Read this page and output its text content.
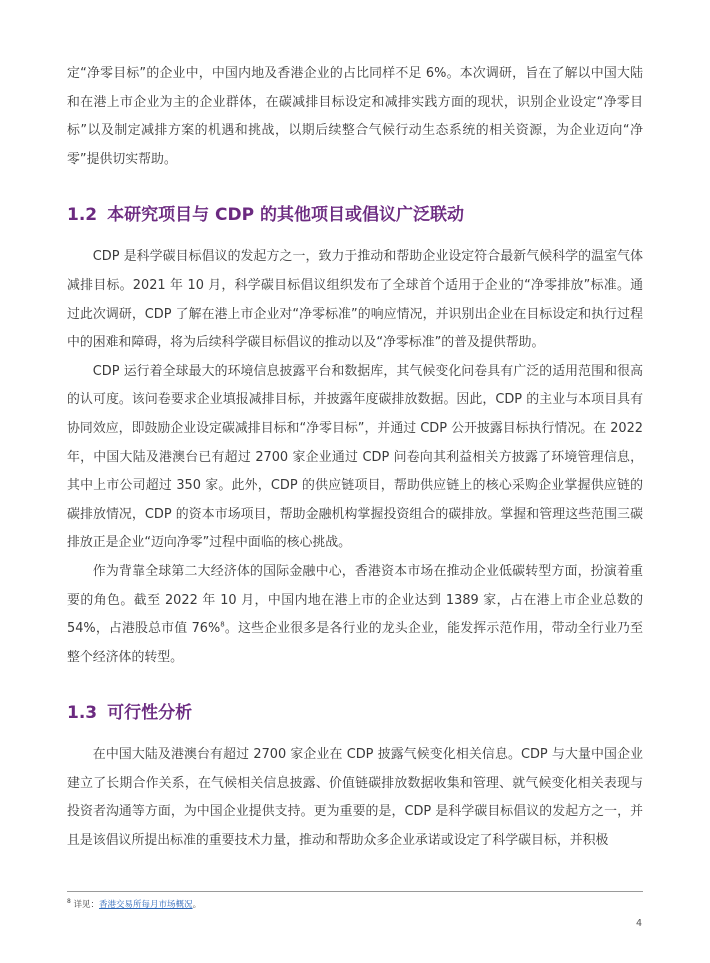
定“净零目标”的企业中，中国内地及香港企业的占比同样不足 6%。本次调研，旨在了解以中国大陆和在港上市企业为主的企业群体，在碳减排目标设定和减排实践方面的现状，识别企业设定“净零目标”以及制定减排方案的机遇和挑战，以期后续整合气候行动生态系统的相关资源，为企业迈向“净零”提供切实帮助。

1.2 本研究项目与 CDP 的其他项目或倡议广泛联动

CDP 是科学碳目标倡议的发起方之一，致力于推动和帮助企业设定符合最新气候科学的温室气体减排目标。2021 年 10 月，科学碳目标倡议组织发布了全球首个适用于企业的“净零排放”标准。通过此次调研，CDP 了解在港上市企业对“净零标准”的响应情况，并识别出企业在目标设定和执行过程中的困难和障碍，将为后续科学碳目标倡议的推动以及“净零标准”的普及提供帮助。

CDP 运行着全球最大的环境信息披露平台和数据库，其气候变化问卷具有广泛的适用范围和很高的认可度。该问卷要求企业填报减排目标，并披露年度碳排放数据。因此，CDP 的主业与本项目具有协同效应，即鼓励企业设定碳减排目标和“净零目标”，并通过 CDP 公开披露目标执行情况。在 2022 年，中国大陆及港澳台已有超过 2700 家企业通过 CDP 问卷向其利益相关方披露了环境管理信息，其中上市公司超过 350 家。此外，CDP 的供应链项目，帮助供应链上的核心采购企业掌握供应链的碳排放情况，CDP 的资本市场项目，帮助金融机构掌握投资组合的碳排放。掌握和管理这些范围三碳排放正是企业“迈向净零”过程中面临的核心挑战。

作为背靠全球第二大经济体的国际金融中心，香港资本市场在推动企业低碳转型方面，扮演着重要的角色。截至 2022 年 10 月，中国内地在港上市的企业达到 1389 家，占在港上市企业总数的 54%，占港股总市值 76%$^8$。这些企业很多是各行业的龙头企业，能发挥示范作用，带动全行业乃至整个经济体的转型。

1.3 可行性分析

在中国大陆及港澳台有超过 2700 家企业在 CDP 披露气候变化相关信息。CDP 与大量中国企业建立了长期合作关系，在气候相关信息披露、价值链碳排放数据收集和管理、就气候变化相关表现与投资者沟通等方面，为中国企业提供支持。更为重要的是，CDP 是科学碳目标倡议的发起方之一，并且是该倡议所提出标准的重要技术力量，推动和帮助众多企业承诺或设定了科学碳目标，并积极

$^8$ 详见：香港交易所每月市场概况。
4
